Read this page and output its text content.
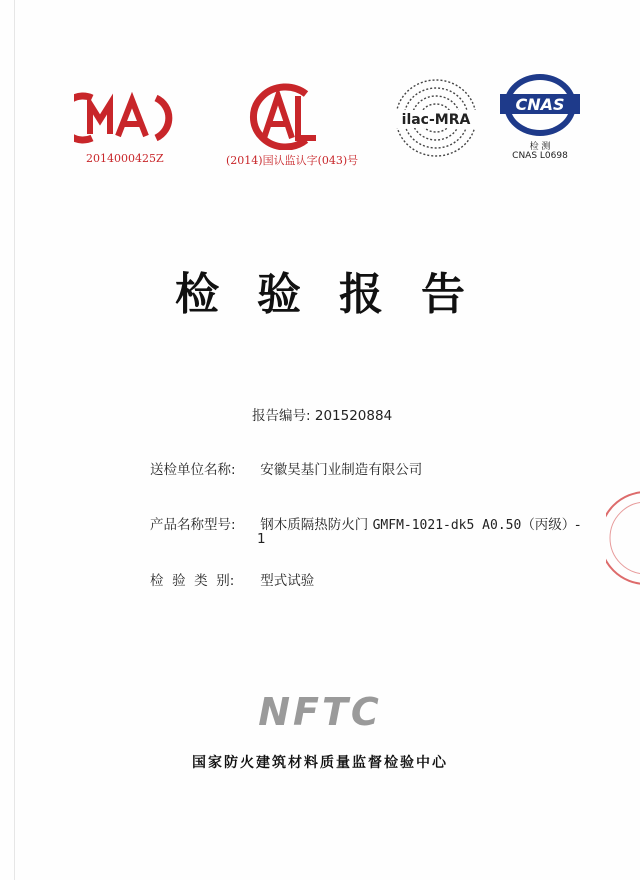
2014000425Z	(2014)国认监认字(043)号
ilac-MRA
CNAS
检 测
CNAS L0698
检验报告
报告编号: 201520884
送检单位名称: 安徽昊基门业制造有限公司
产品名称型号: 钢木质隔热防火门 GMFM-1021-dk5 A0.50（丙级）-
1
检  验  类  别: 型式试验
NFTC
国家防火建筑材料质量监督检验中心
